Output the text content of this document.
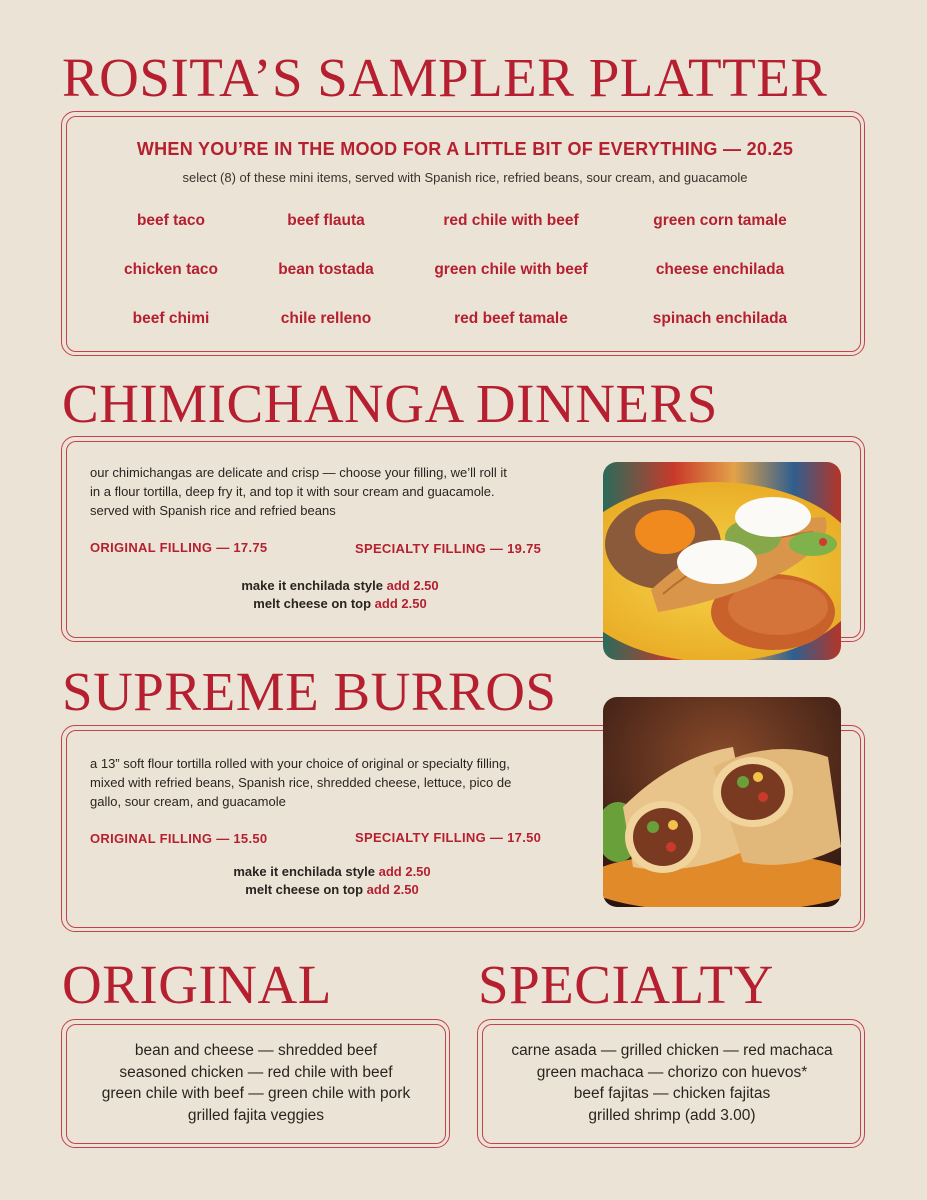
ROSITA’S SAMPLER PLATTER
WHEN YOU’RE IN THE MOOD FOR A LITTLE BIT OF EVERYTHING — 20.25
select (8) of these mini items, served with Spanish rice, refried beans, sour cream, and guacamole
beef taco	beef flauta	red chile with beef	green corn tamale
chicken taco	bean tostada	green chile with beef	cheese enchilada
beef chimi	chile relleno	red beef tamale	spinach enchilada
CHIMICHANGA DINNERS
our chimichangas are delicate and crisp — choose your filling, we’ll roll it
in a flour tortilla, deep fry it, and top it with sour cream and guacamole.
served with Spanish rice and refried beans
ORIGINAL FILLING — 17.75	SPECIALTY FILLING — 19.75
make it enchilada style add 2.50
melt cheese on top add 2.50
SUPREME BURROS
a 13” soft flour tortilla rolled with your choice of original or specialty filling,
mixed with refried beans, Spanish rice, shredded cheese, lettuce, pico de
gallo, sour cream, and guacamole
ORIGINAL FILLING — 15.50	SPECIALTY FILLING — 17.50
make it enchilada style add 2.50
melt cheese on top add 2.50
ORIGINAL
bean and cheese — shredded beef
seasoned chicken — red chile with beef
green chile with beef — green chile with pork
grilled fajita veggies
SPECIALTY
carne asada — grilled chicken — red machaca
green machaca — chorizo con huevos*
beef fajitas — chicken fajitas
grilled shrimp (add 3.00)
